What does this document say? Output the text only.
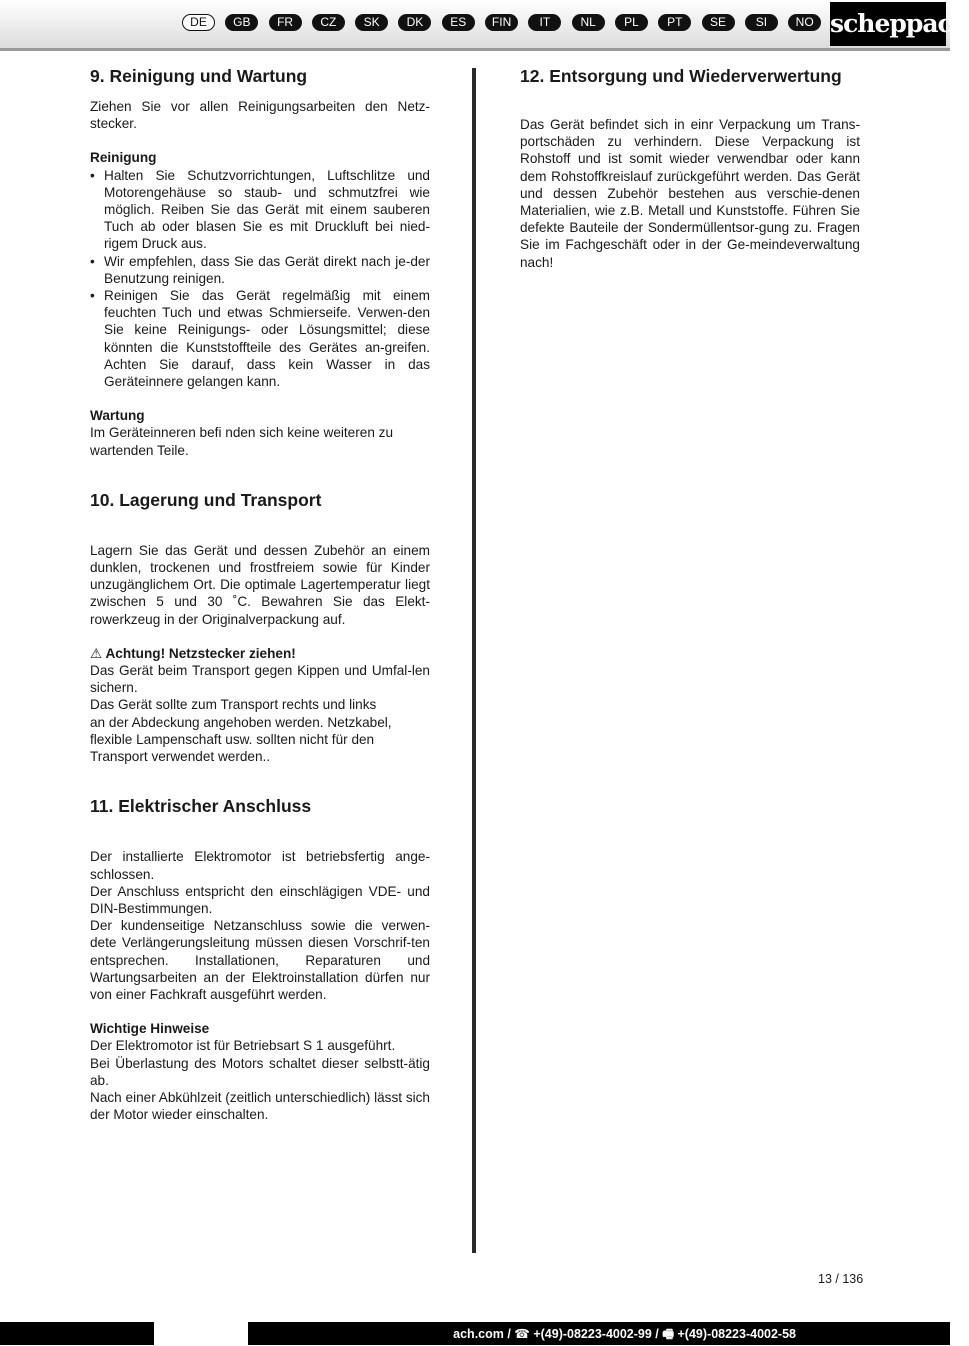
DE	GB	FR	CZ	SK	DK	ES	FIN	IT	NL	PL	PT	SE	SI	NO scheppach
9. Reinigung und Wartung

Ziehen Sie vor allen Reinigungsarbeiten den Netz-stecker.

Reinigung
• Halten Sie Schutzvorrichtungen, Luftschlitze und Motorengehäuse so staub- und schmutzfrei wie möglich. Reiben Sie das Gerät mit einem sauberen Tuch ab oder blasen Sie es mit Druckluft bei nied-rigem Druck aus.
• Wir empfehlen, dass Sie das Gerät direkt nach je-der Benutzung reinigen.
• Reinigen Sie das Gerät regelmäßig mit einem feuchten Tuch und etwas Schmierseife. Verwen-den Sie keine Reinigungs- oder Lösungsmittel; diese könnten die Kunststoffteile des Gerätes an-greifen. Achten Sie darauf, dass kein Wasser in das Geräteinnere gelangen kann.
Wartung
Im Geräteinneren befi nden sich keine weiteren zu
wartenden Teile.
10. Lagerung und Transport

Lagern Sie das Gerät und dessen Zubehör an einem dunklen, trockenen und frostfreiem sowie für Kinder unzugänglichem Ort. Die optimale Lagertemperatur liegt zwischen 5 und 30 ˚C. Bewahren Sie das Elekt-rowerkzeug in der Originalverpackung auf.

⚠ Achtung! Netzstecker ziehen!

Das Gerät beim Transport gegen Kippen und Umfal-len sichern.

Das Gerät sollte zum Transport rechts und links
an der Abdeckung angehoben werden. Netzkabel,
flexible Lampenschaft usw. sollten nicht für den
Transport verwendet werden..
11. Elektrischer Anschluss

Der installierte Elektromotor ist betriebsfertig ange-schlossen.

Der Anschluss entspricht den einschlägigen VDE- und DIN-Bestimmungen.

Der kundenseitige Netzanschluss sowie die verwen-dete Verlängerungsleitung müssen diesen Vorschrif-ten entsprechen. Installationen, Reparaturen und Wartungsarbeiten an der Elektroinstallation dürfen nur von einer Fachkraft ausgeführt werden.

Wichtige Hinweise

Der Elektromotor ist für Betriebsart S 1 ausgeführt.

Bei Überlastung des Motors schaltet dieser selbstt-ätig ab.

Nach einer Abkühlzeit (zeitlich unterschiedlich) lässt sich der Motor wieder einschalten.

12. Entsorgung und Wiederverwertung

Das Gerät befindet sich in einr Verpackung um Trans-portschäden zu verhindern. Diese Verpackung ist Rohstoff und ist somit wieder verwendbar oder kann dem Rohstoffkreislauf zurückgeführt werden. Das Gerät und dessen Zubehör bestehen aus verschie-denen Materialien, wie z.B. Metall und Kunststoffe. Führen Sie defekte Bauteile der Sondermüllentsor-gung zu. Fragen Sie im Fachgeschäft oder in der Ge-meindeverwaltung nach!

13 / 136
ach.com / ☎ +(49)-08223-4002-99 / 🖷 +(49)-08223-4002-58
